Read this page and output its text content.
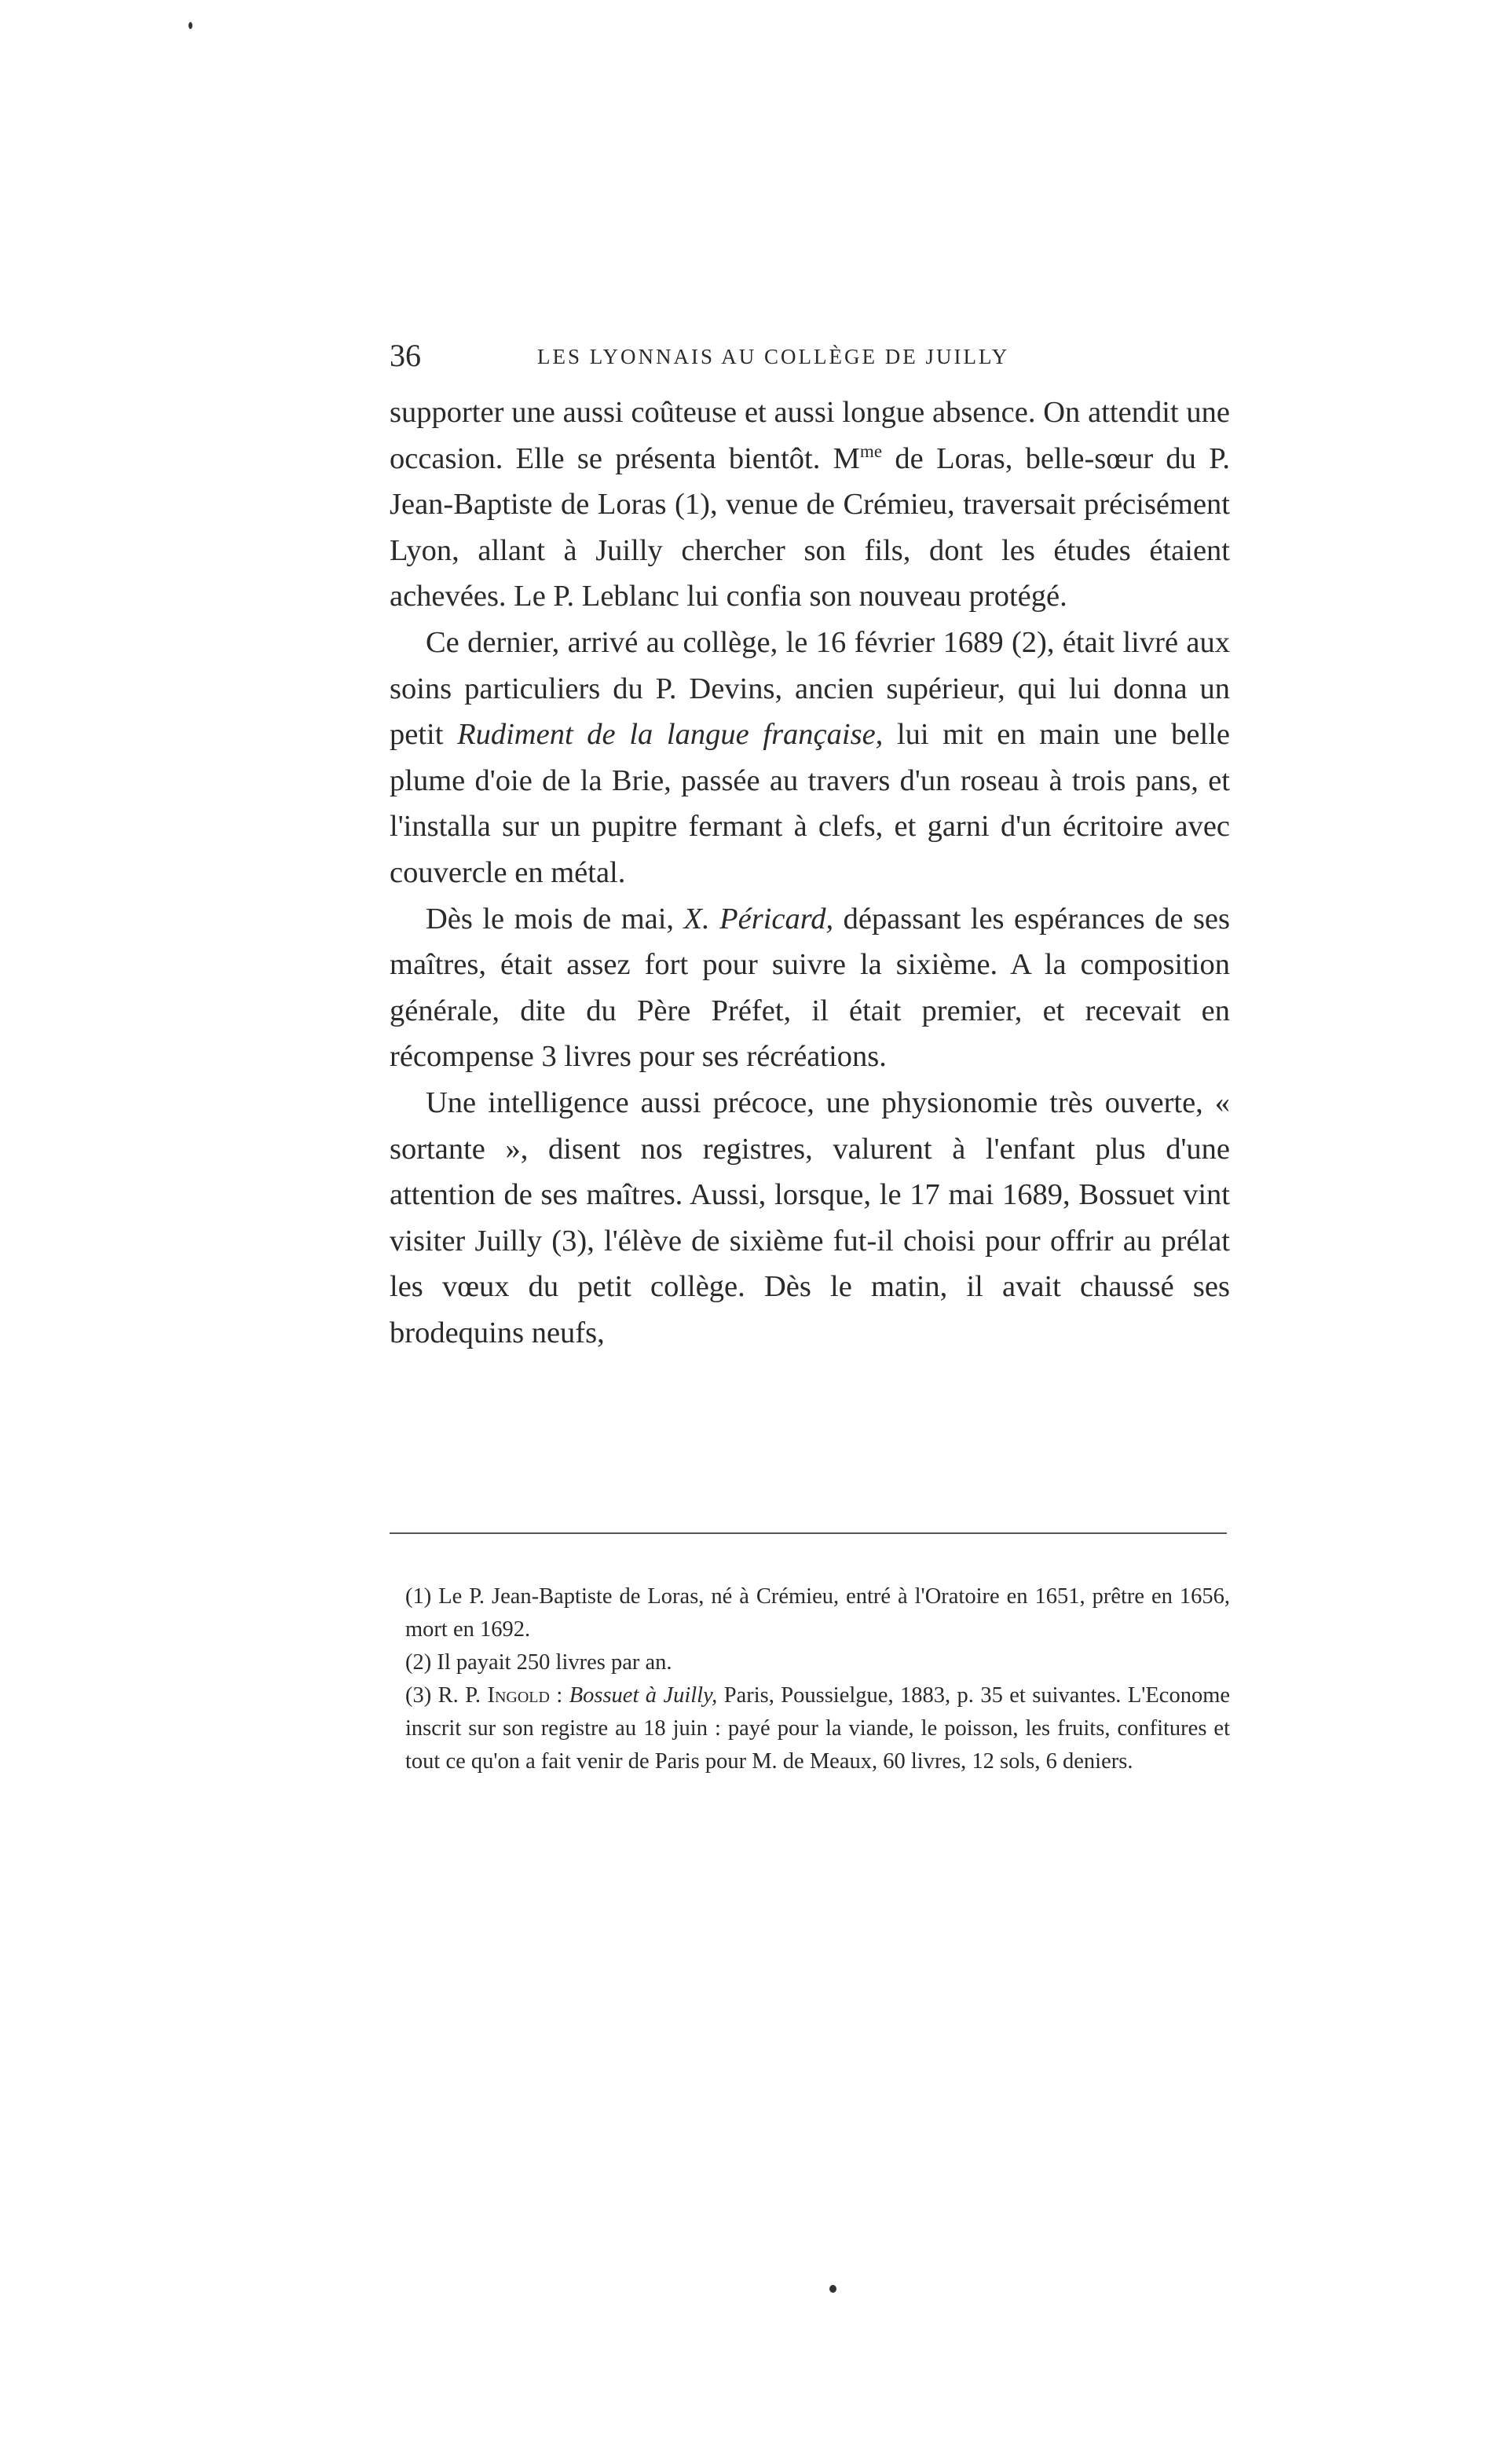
36	LES LYONNAIS AU COLLÈGE DE JUILLY

supporter une aussi coûteuse et aussi longue absence. On attendit une occasion. Elle se présenta bientôt. $M^{me}$ de Loras, belle-sœur du P. Jean-Baptiste de Loras (1), venue de Crémieu, traversait précisément Lyon, allant à Juilly chercher son fils, dont les études étaient achevées. Le P. Leblanc lui confia son nouveau protégé.

Ce dernier, arrivé au collège, le 16 février 1689 (2), était livré aux soins particuliers du P. Devins, ancien supérieur, qui lui donna un petit Rudiment de la langue française, lui mit en main une belle plume d'oie de la Brie, passée au travers d'un roseau à trois pans, et l'installa sur un pupitre fermant à clefs, et garni d'un écritoire avec couvercle en métal.

Dès le mois de mai, X. Péricard, dépassant les espérances de ses maîtres, était assez fort pour suivre la sixième. A la composition générale, dite du Père Préfet, il était premier, et recevait en récompense 3 livres pour ses récréations.

Une intelligence aussi précoce, une physionomie très ouverte, « sortante », disent nos registres, valurent à l'enfant plus d'une attention de ses maîtres. Aussi, lorsque, le 17 mai 1689, Bossuet vint visiter Juilly (3), l'élève de sixième fut-il choisi pour offrir au prélat les vœux du petit collège. Dès le matin, il avait chaussé ses brodequins neufs,

(1) Le P. Jean-Baptiste de Loras, né à Crémieu, entré à l'Oratoire en 1651, prêtre en 1656, mort en 1692.

(2) Il payait 250 livres par an.

(3) R. P. Ingold : Bossuet à Juilly, Paris, Poussielgue, 1883, p. 35 et suivantes. L'Econome inscrit sur son registre au 18 juin : payé pour la viande, le poisson, les fruits, confitures et tout ce qu'on a fait venir de Paris pour M. de Meaux, 60 livres, 12 sols, 6 deniers.
